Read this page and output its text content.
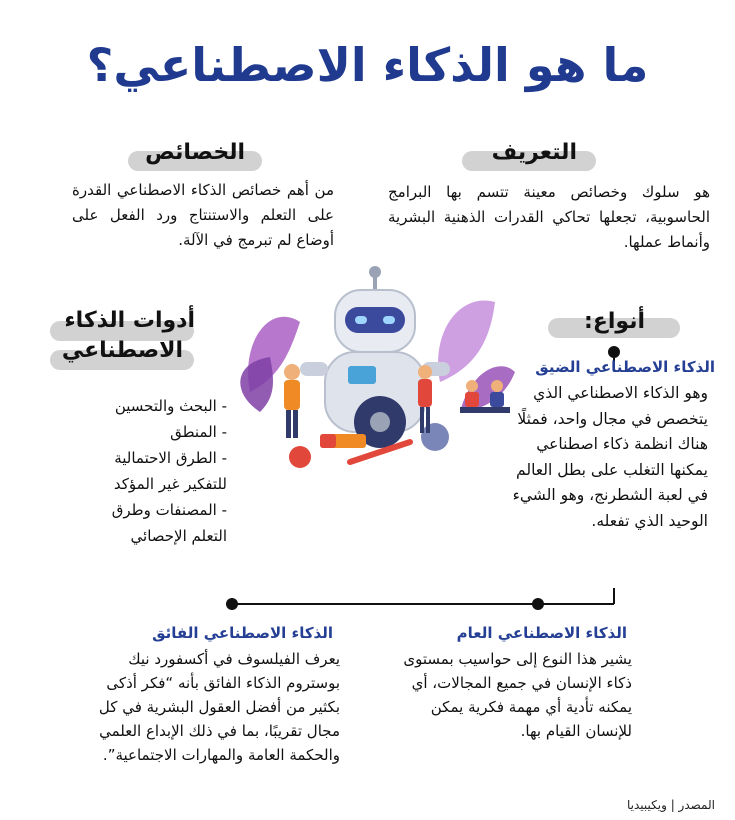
ما هو الذكاء الاصطناعي؟
التعريف
هو سلوك وخصائص معينة تتسم بها البرامج الحاسوبية، تجعلها تحاكي القدرات الذهنية البشرية وأنماط عملها.
الخصائص
من أهم خصائص الذكاء الاصطناعي القدرة على التعلم والاستنتاج ورد الفعل على أوضاع لم تبرمج في الآلة.
أدوات الذكاء
الاصطناعي
- البحث والتحسين
- المنطق
- الطرق الاحتمالية
للتفكير غير المؤكد
- المصنفات وطرق
التعلم الإحصائي
أنواع:
الذكاء الاصطناعي الضيق
وهو الذكاء الاصطناعي الذي يتخصص في مجال واحد، فمثلًا هناك انظمة ذكاء اصطناعي يمكنها التغلب على بطل العالم في لعبة الشطرنج، وهو الشيء الوحيد الذي تفعله.
الذكاء الاصطناعي العام
يشير هذا النوع إلى حواسيب بمستوى ذكاء الإنسان في جميع المجالات، أي يمكنه تأدية أي مهمة فكرية يمكن للإنسان القيام بها.
الذكاء الاصطناعي الفائق
يعرف الفيلسوف في أكسفورد نيك بوستروم الذكاء الفائق بأنه “فكر أذكى بكثير من أفضل العقول البشرية في كل مجال تقريبًا، بما في ذلك الإبداع العلمي والحكمة العامة والمهارات الاجتماعية”.
المصدر | ويكيبيديا
